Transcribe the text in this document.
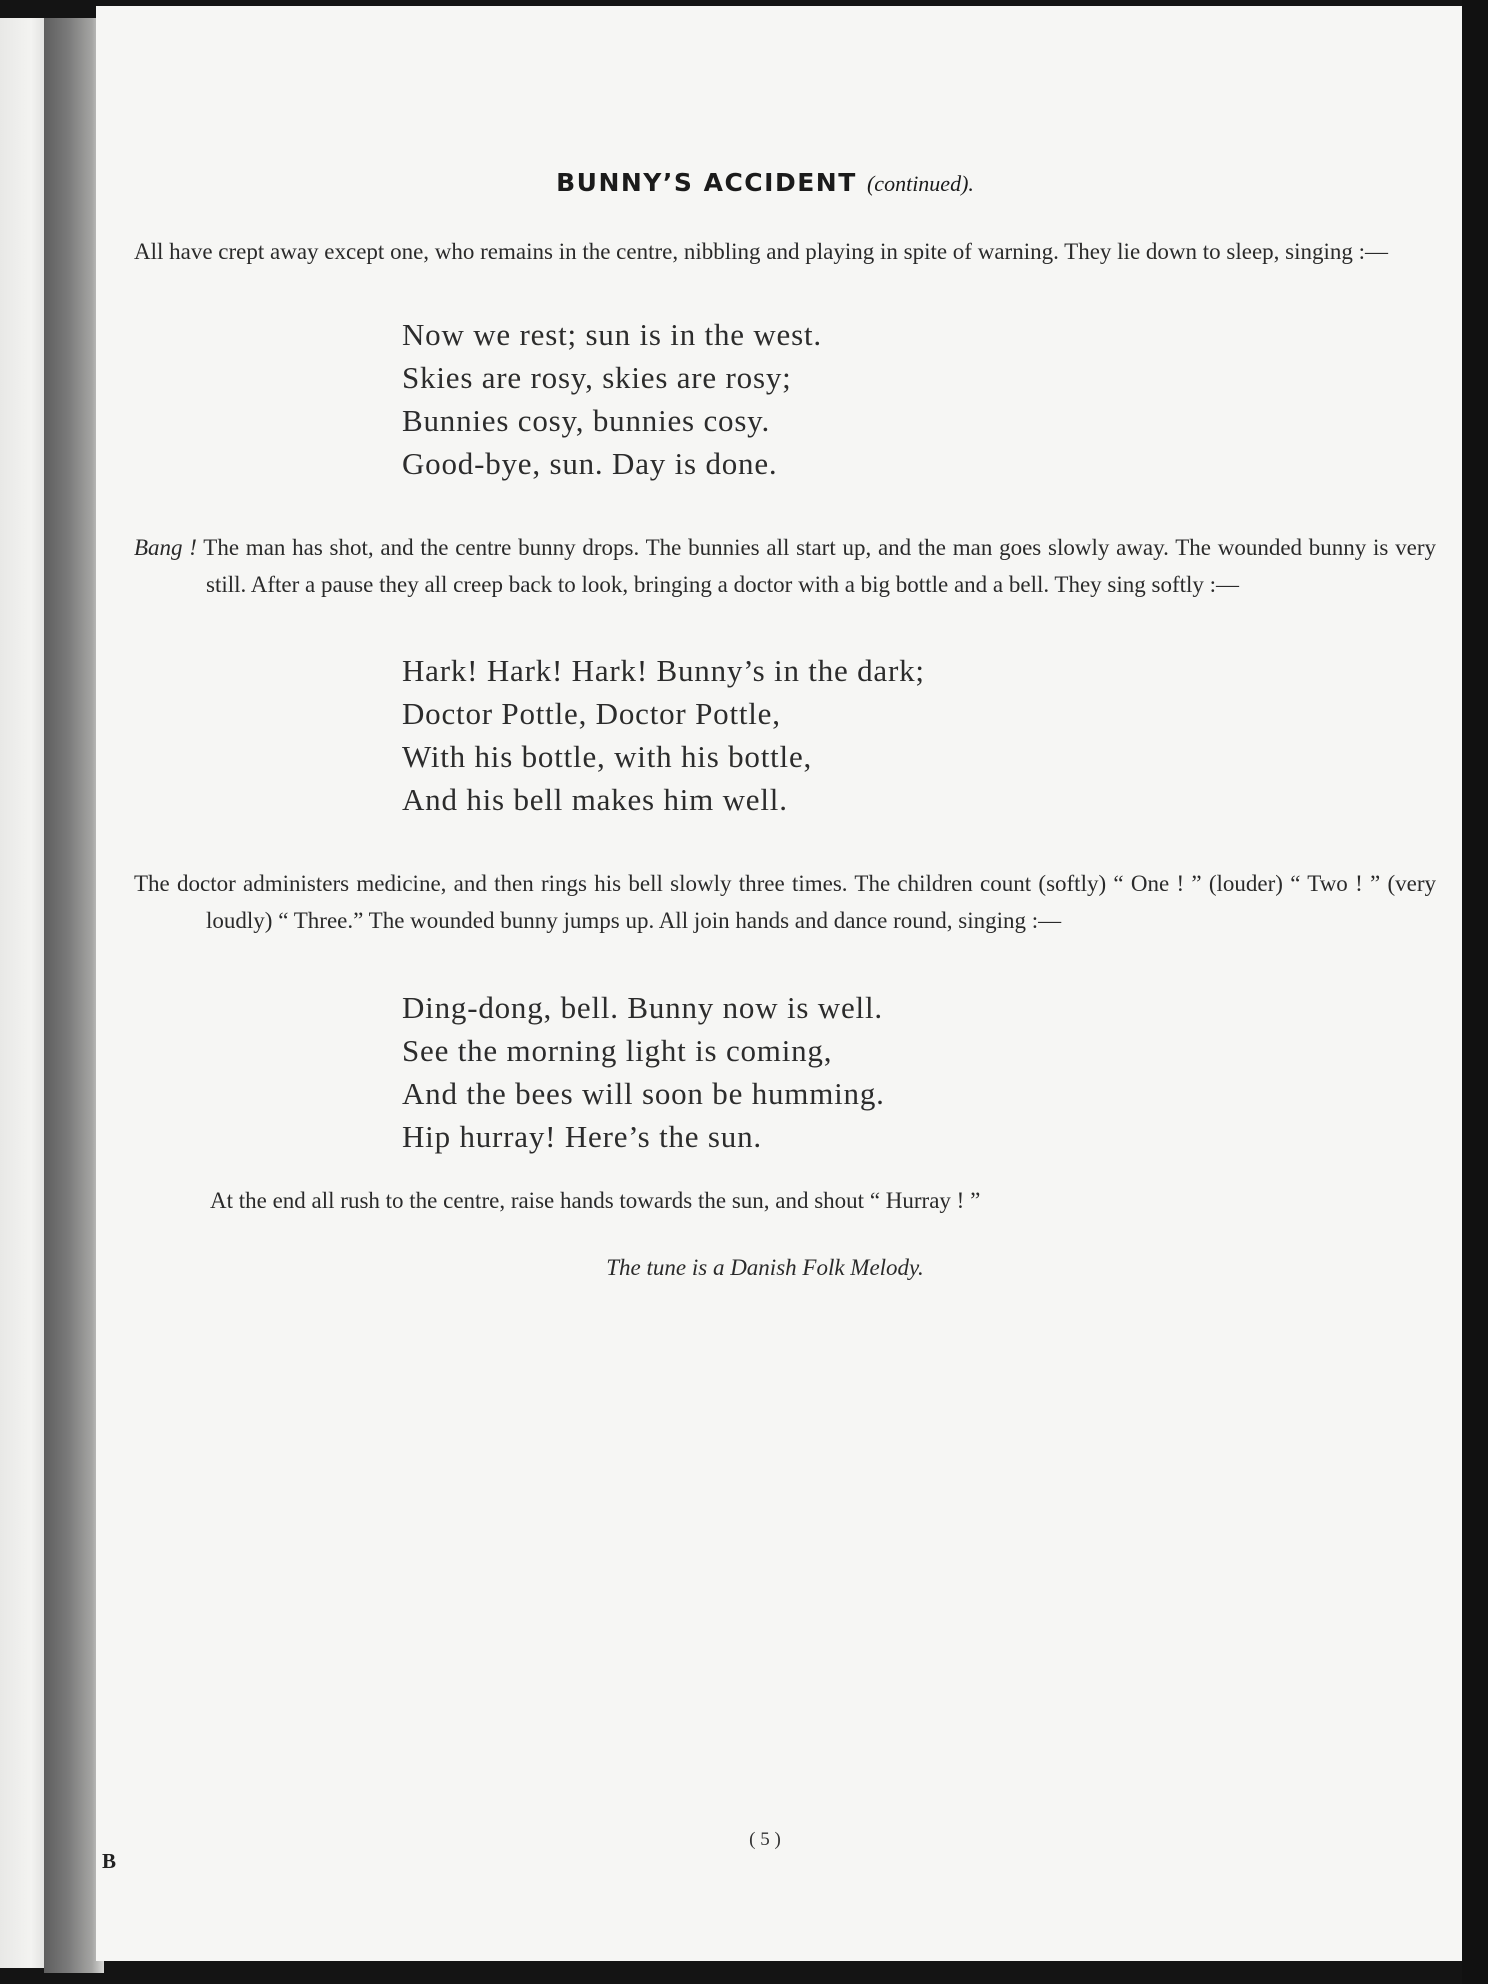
BUNNY’S ACCIDENT (continued).
All have crept away except one, who remains in the centre, nibbling and playing in spite of warning. They lie down to sleep, singing :—
Now we rest; sun is in the west.
Skies are rosy, skies are rosy;
Bunnies cosy, bunnies cosy.
Good-bye, sun. Day is done.
Bang ! The man has shot, and the centre bunny drops. The bunnies all start up, and the man goes slowly away. The wounded bunny is very still. After a pause they all creep back to look, bringing a doctor with a big bottle and a bell. They sing softly :—
Hark! Hark! Hark! Bunny’s in the dark;
Doctor Pottle, Doctor Pottle,
With his bottle, with his bottle,
And his bell makes him well.
The doctor administers medicine, and then rings his bell slowly three times. The children count (softly) “ One ! ” (louder) “ Two ! ” (very loudly) “ Three.” The wounded bunny jumps up. All join hands and dance round, singing :—
Ding-dong, bell. Bunny now is well.
See the morning light is coming,
And the bees will soon be humming.
Hip hurray! Here’s the sun.
At the end all rush to the centre, raise hands towards the sun, and shout “ Hurray ! ”
The tune is a Danish Folk Melody.
( 5 )
B
